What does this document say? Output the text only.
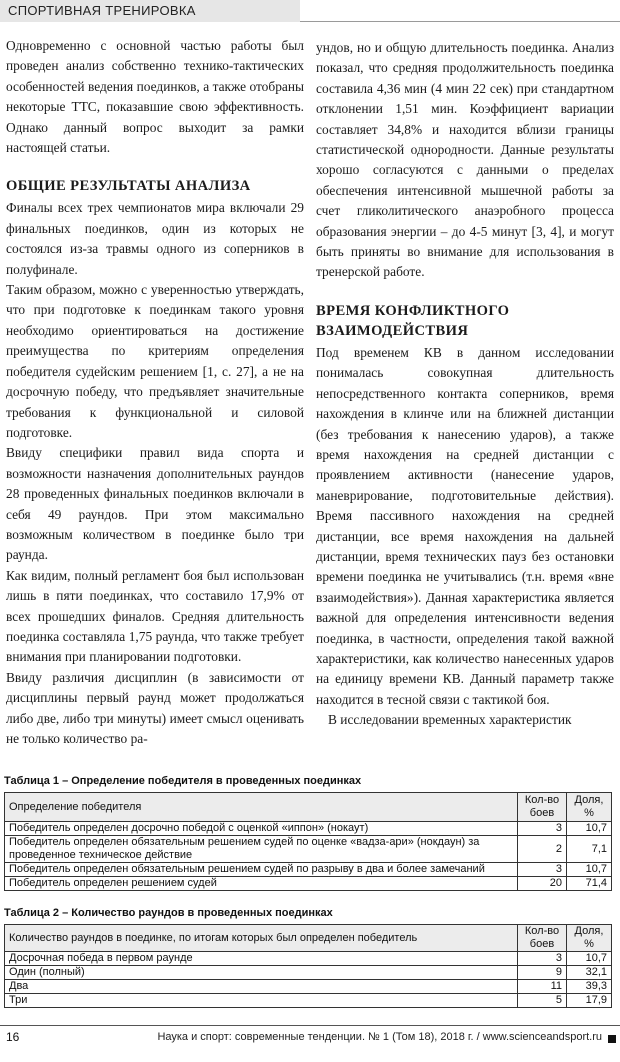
СПОРТИВНАЯ ТРЕНИРОВКА

Одновременно с основной частью работы был проведен анализ собственно технико-тактических особенностей ведения поединков, а также отобраны некоторые ТТС, показавшие свою эффективность. Однако данный вопрос выходит за рамки настоящей статьи.

ОБЩИЕ РЕЗУЛЬТАТЫ АНАЛИЗА

Финалы всех трех чемпионатов мира включали 29 финальных поединков, один из которых не состоялся из-за травмы одного из соперников в полуфинале.

Таким образом, можно с уверенностью утверждать, что при подготовке к поединкам такого уровня необходимо ориентироваться на достижение преимущества по критериям определения победителя судейским решением [1, с. 27], а не на досрочную победу, что предъявляет значительные требования к функциональной и силовой подготовке.

Ввиду специфики правил вида спорта и возможности назначения дополнительных раундов 28 проведенных финальных поединков включали в себя 49 раундов. При этом максимально возможным количеством в поединке было три раунда.

Как видим, полный регламент боя был использован лишь в пяти поединках, что составило 17,9% от всех прошедших финалов. Средняя длительность поединка составляла 1,75 раунда, что также требует внимания при планировании подготовки.

Ввиду различия дисциплин (в зависимости от дисциплины первый раунд может продолжаться либо две, либо три минуты) имеет смысл оценивать не только количество ра-

ундов, но и общую длительность поединка. Анализ показал, что средняя продолжительность поединка составила 4,36 мин (4 мин 22 сек) при стандартном отклонении 1,51 мин. Коэффициент вариации составляет 34,8% и находится вблизи границы статистической однородности. Данные результаты хорошо согласуются с данными о пределах обеспечения интенсивной мышечной работы за счет гликолитического анаэробного процесса образования энергии – до 4-5 минут [3, 4], и могут быть приняты во внимание для использования в тренерской работе.

ВРЕМЯ КОНФЛИКТНОГО ВЗАИМОДЕЙСТВИЯ

Под временем КВ в данном исследовании понималась совокупная длительность непосредственного контакта соперников, время нахождения в клинче или на ближней дистанции (без требования к нанесению ударов), а также время нахождения на средней дистанции с проявлением активности (нанесение ударов, маневрирование, подготовительные действия). Время пассивного нахождения на средней дистанции, все время нахождения на дальней дистанции, время технических пауз без остановки времени поединка не учитывались (т.н. время «вне взаимодействия»). Данная характеристика является важной для определения интенсивности ведения поединка, в частности, определения такой важной характеристики, как количество нанесенных ударов на единицу времени КВ. Данный параметр также находится в тесной связи с тактикой боя.

В исследовании временных характеристик

Таблица 1 – Определение победителя в проведенных поединках
Определение победителя	Кол-во боев	Доля, %
Победитель определен досрочно победой с оценкой «иппон» (нокаут)	3	10,7
Победитель определен обязательным решением судей по оценке «вадза-ари» (нокдаун) за проведенное техническое действие	2	7,1
Победитель определен обязательным решением судей по разрыву в два и более замечаний	3	10,7
Победитель определен решением судей	20	71,4
Таблица 2 – Количество раундов в проведенных поединках
Количество раундов в поединке, по итогам которых был определен победитель	Кол-во боев	Доля, %
Досрочная победа в первом раунде	3	10,7
Один (полный)	9	32,1
Два	11	39,3
Три	5	17,9
16	Наука и спорт: современные тенденции. № 1 (Том 18), 2018 г. / www.scienceandsport.ru
